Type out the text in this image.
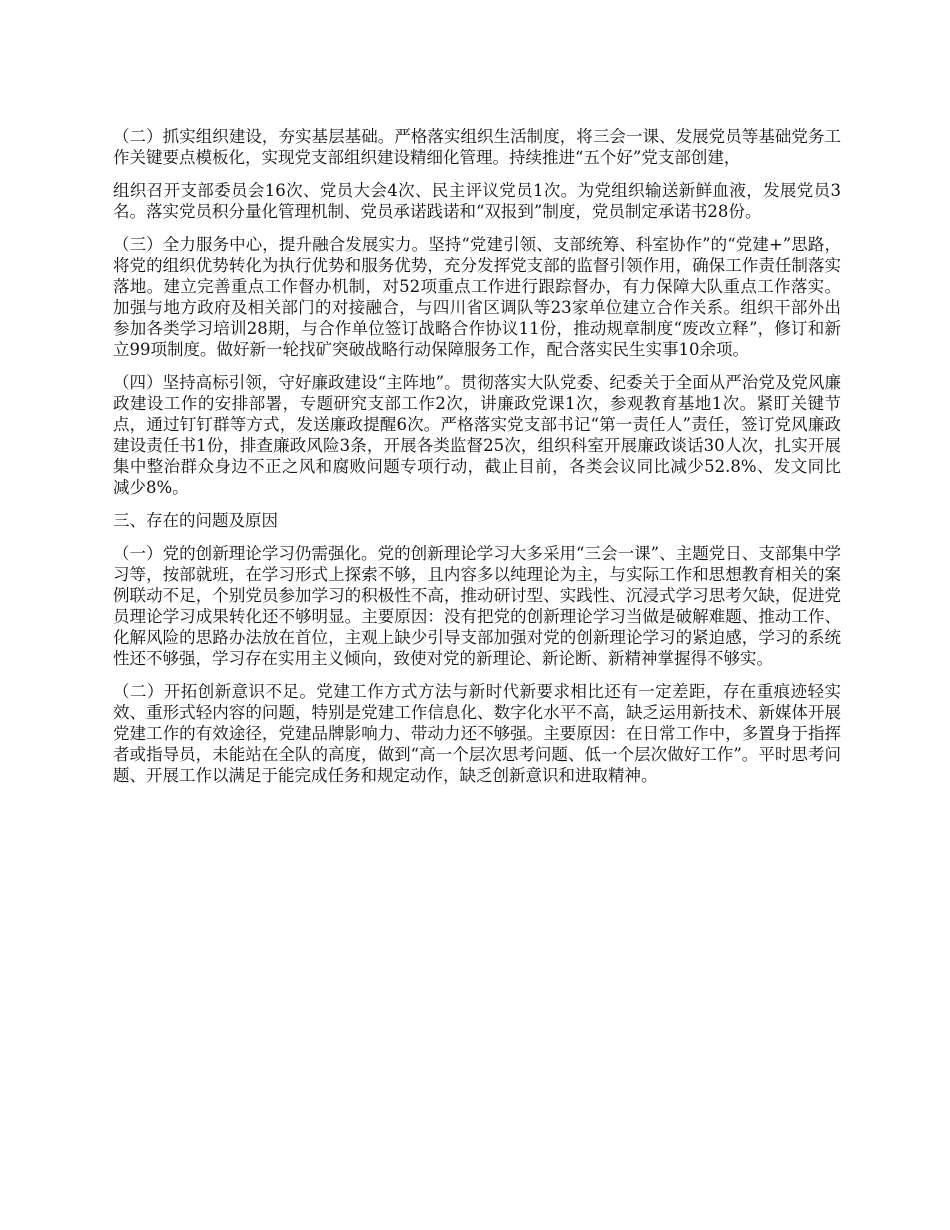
（二）抓实组织建设，夯实基层基础。严格落实组织生活制度，将三会一课、发展党员等基础党务工作关键要点模板化，实现党支部组织建设精细化管理。持续推进“五个好”党支部创建，

组织召开支部委员会16次、党员大会4次、民主评议党员1次。为党组织输送新鲜血液，发展党员3名。落实党员积分量化管理机制、党员承诺践诺和“双报到”制度，党员制定承诺书28份。

（三）全力服务中心，提升融合发展实力。坚持“党建引领、支部统筹、科室协作”的“党建+”思路，将党的组织优势转化为执行优势和服务优势，充分发挥党支部的监督引领作用，确保工作责任制落实落地。建立完善重点工作督办机制，对52项重点工作进行跟踪督办，有力保障大队重点工作落实。加强与地方政府及相关部门的对接融合，与四川省区调队等23家单位建立合作关系。组织干部外出参加各类学习培训28期，与合作单位签订战略合作协议11份，推动规章制度“废改立释”，修订和新立99项制度。做好新一轮找矿突破战略行动保障服务工作，配合落实民生实事10余项。

（四）坚持高标引领，守好廉政建设“主阵地”。贯彻落实大队党委、纪委关于全面从严治党及党风廉政建设工作的安排部署，专题研究支部工作2次，讲廉政党课1次，参观教育基地1次。紧盯关键节点，通过钉钉群等方式，发送廉政提醒6次。严格落实党支部书记“第一责任人”责任，签订党风廉政建设责任书1份，排查廉政风险3条，开展各类监督25次，组织科室开展廉政谈话30人次，扎实开展集中整治群众身边不正之风和腐败问题专项行动，截止目前，各类会议同比减少52.8%、发文同比减少8%。

三、存在的问题及原因

（一）党的创新理论学习仍需强化。党的创新理论学习大多采用“三会一课”、主题党日、支部集中学习等，按部就班，在学习形式上探索不够，且内容多以纯理论为主，与实际工作和思想教育相关的案例联动不足，个别党员参加学习的积极性不高，推动研讨型、实践性、沉浸式学习思考欠缺，促进党员理论学习成果转化还不够明显。主要原因：没有把党的创新理论学习当做是破解难题、推动工作、化解风险的思路办法放在首位，主观上缺少引导支部加强对党的创新理论学习的紧迫感，学习的系统性还不够强，学习存在实用主义倾向，致使对党的新理论、新论断、新精神掌握得不够实。

（二）开拓创新意识不足。党建工作方式方法与新时代新要求相比还有一定差距，存在重痕迹轻实效、重形式轻内容的问题，特别是党建工作信息化、数字化水平不高，缺乏运用新技术、新媒体开展党建工作的有效途径，党建品牌影响力、带动力还不够强。主要原因：在日常工作中，多置身于指挥者或指导员，未能站在全队的高度，做到“高一个层次思考问题、低一个层次做好工作”。平时思考问题、开展工作以满足于能完成任务和规定动作，缺乏创新意识和进取精神。
